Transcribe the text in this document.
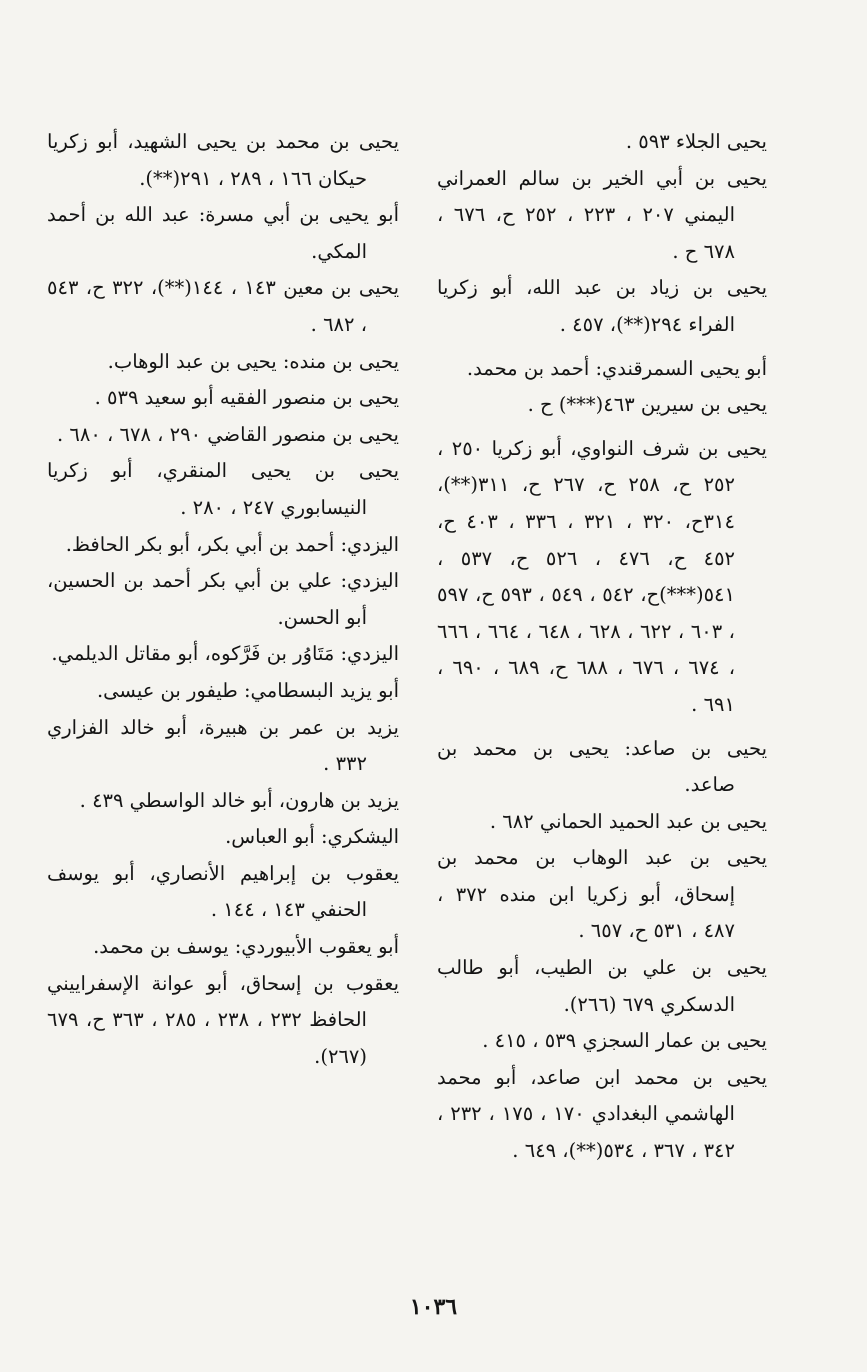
يحيى الجلاء ٥٩٣ .

يحيى بن أبي الخير بن سالم العمراني اليمني ٢٠٧ ، ٢٢٣ ، ٢٥٢ ح، ٦٧٦ ، ٦٧٨ ح .

يحيى بن زياد بن عبد الله، أبو زكريا الفراء ٢٩٤(**)، ٤٥٧ .

أبو يحيى السمرقندي: أحمد بن محمد.

يحيى بن سيرين ٤٦٣(***) ح .

يحيى بن شرف النواوي، أبو زكريا ٢٥٠ ، ٢٥٢ ح، ٢٥٨ ح، ٢٦٧ ح، ٣١١(**)، ٣١٤ح، ٣٢٠ ، ٣٢١ ، ٣٣٦ ، ٤٠٣ ح، ٤٥٢ ح، ٤٧٦ ، ٥٢٦ ح، ٥٣٧ ، ٥٤١(***)ح، ٥٤٢ ، ٥٤٩ ، ٥٩٣ ح، ٥٩٧ ، ٦٠٣ ، ٦٢٢ ، ٦٢٨ ، ٦٤٨ ، ٦٦٤ ، ٦٦٦ ، ٦٧٤ ، ٦٧٦ ، ٦٨٨ ح، ٦٨٩ ، ٦٩٠ ، ٦٩١ .

يحيى بن صاعد: يحيى بن محمد بن صاعد.

يحيى بن عبد الحميد الحماني ٦٨٢ .

يحيى بن عبد الوهاب بن محمد بن إسحاق، أبو زكريا ابن منده ٣٧٢ ، ٤٨٧ ، ٥٣١ ح، ٦٥٧ .

يحيى بن علي بن الطيب، أبو طالب الدسكري ٦٧٩ (٢٦٦).

يحيى بن عمار السجزي ٥٣٩ ، ٤١٥ .

يحيى بن محمد ابن صاعد، أبو محمد الهاشمي البغدادي ١٧٠ ، ١٧٥ ، ٢٣٢ ، ٣٤٢ ، ٣٦٧ ، ٥٣٤(**)، ٦٤٩ .

يحيى بن محمد بن يحيى الشهيد، أبو زكريا حيكان ١٦٦ ، ٢٨٩ ، ٢٩١(**).

أبو يحيى بن أبي مسرة: عبد الله بن أحمد المكي.

يحيى بن معين ١٤٣ ، ١٤٤(**)، ٣٢٢ ح، ٥٤٣ ، ٦٨٢ .

يحيى بن منده: يحيى بن عبد الوهاب.

يحيى بن منصور الفقيه أبو سعيد ٥٣٩ .

يحيى بن منصور القاضي ٢٩٠ ، ٦٧٨ ، ٦٨٠ .

يحيى بن يحيى المنقري، أبو زكريا النيسابوري ٢٤٧ ، ٢٨٠ .

اليزدي: أحمد بن أبي بكر، أبو بكر الحافظ.

اليزدي: علي بن أبي بكر أحمد بن الحسين، أبو الحسن.

اليزدي: مَتَاوُر بن فَرَّكوه، أبو مقاتل الديلمي.

أبو يزيد البسطامي: طيفور بن عيسى.

يزيد بن عمر بن هبيرة، أبو خالد الفزاري ٣٣٢ .

يزيد بن هارون، أبو خالد الواسطي ٤٣٩ .

اليشكري: أبو العباس.

يعقوب بن إبراهيم الأنصاري، أبو يوسف الحنفي ١٤٣ ، ١٤٤ .

أبو يعقوب الأبيوردي: يوسف بن محمد.

يعقوب بن إسحاق، أبو عوانة الإسفراييني الحافظ ٢٣٢ ، ٢٣٨ ، ٢٨٥ ، ٣٦٣ ح، ٦٧٩ (٢٦٧).

١٠٣٦
